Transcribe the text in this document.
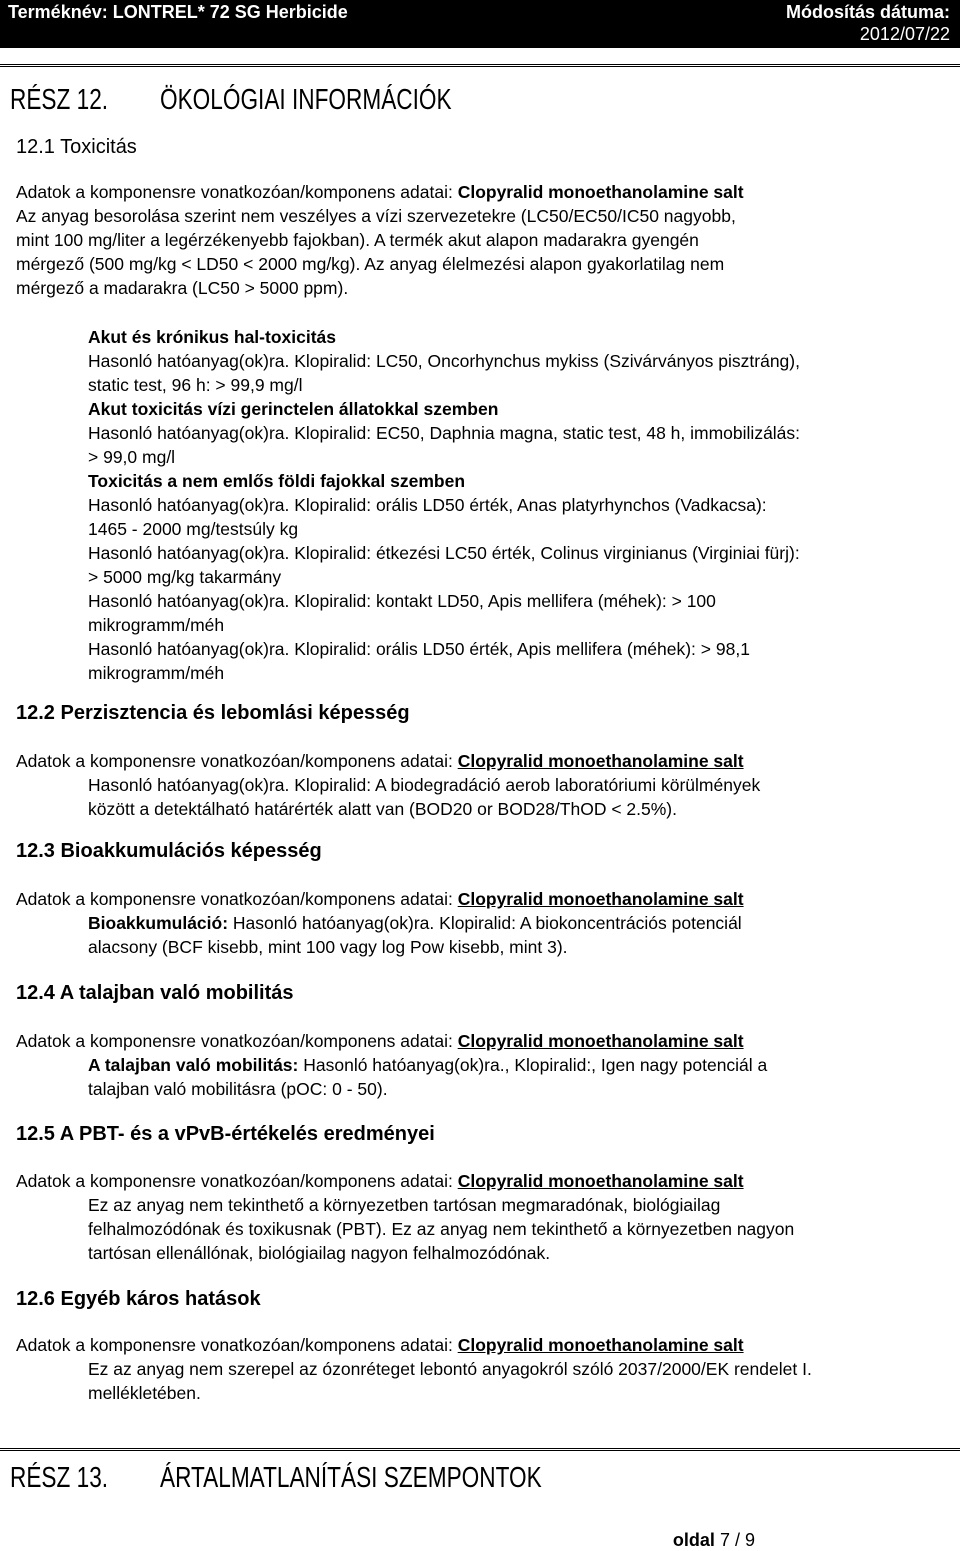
Terméknév: LONTREL* 72 SG Herbicide	Módosítás dátuma:
2012/07/22
RÉSZ 12. ÖKOLÓGIAI INFORMÁCIÓK
12.1 Toxicitás
Adatok a komponensre vonatkozóan/komponens adatai: Clopyralid monoethanolamine salt
Az anyag besorolása szerint nem veszélyes a vízi szervezetekre (LC50/EC50/IC50 nagyobb,
mint 100 mg/liter a legérzékenyebb fajokban). A termék akut alapon madarakra gyengén
mérgező (500 mg/kg < LD50 < 2000 mg/kg). Az anyag élelmezési alapon gyakorlatilag nem
mérgező a madarakra (LC50 > 5000 ppm).
Akut és krónikus hal-toxicitás
Hasonló hatóanyag(ok)ra. Klopiralid: LC50, Oncorhynchus mykiss (Szivárványos pisztráng),
static test, 96 h: > 99,9 mg/l
Akut toxicitás vízi gerinctelen állatokkal szemben
Hasonló hatóanyag(ok)ra. Klopiralid: EC50, Daphnia magna, static test, 48 h, immobilizálás:
> 99,0 mg/l
Toxicitás a nem emlős földi fajokkal szemben
Hasonló hatóanyag(ok)ra. Klopiralid: orális LD50 érték, Anas platyrhynchos (Vadkacsa):
1465 - 2000 mg/testsúly kg
Hasonló hatóanyag(ok)ra. Klopiralid: étkezési LC50 érték, Colinus virginianus (Virginiai fürj):
> 5000 mg/kg takarmány
Hasonló hatóanyag(ok)ra. Klopiralid: kontakt LD50, Apis mellifera (méhek): > 100
mikrogramm/méh
Hasonló hatóanyag(ok)ra. Klopiralid: orális LD50 érték, Apis mellifera (méhek): > 98,1
mikrogramm/méh
12.2 Perzisztencia és lebomlási képesség
Adatok a komponensre vonatkozóan/komponens adatai: Clopyralid monoethanolamine salt
Hasonló hatóanyag(ok)ra. Klopiralid: A biodegradáció aerob laboratóriumi körülmények
között a detektálható határérték alatt van (BOD20 or BOD28/ThOD < 2.5%).
12.3 Bioakkumulációs képesség
Adatok a komponensre vonatkozóan/komponens adatai: Clopyralid monoethanolamine salt
Bioakkumuláció: Hasonló hatóanyag(ok)ra. Klopiralid: A biokoncentrációs potenciál
alacsony (BCF kisebb, mint 100 vagy log Pow kisebb, mint 3).
12.4 A talajban való mobilitás
Adatok a komponensre vonatkozóan/komponens adatai: Clopyralid monoethanolamine salt
A talajban való mobilitás: Hasonló hatóanyag(ok)ra., Klopiralid:, Igen nagy potenciál a
talajban való mobilitásra (pOC: 0 - 50).
12.5 A PBT- és a vPvB-értékelés eredményei
Adatok a komponensre vonatkozóan/komponens adatai: Clopyralid monoethanolamine salt
Ez az anyag nem tekinthető a környezetben tartósan megmaradónak, biológiailag
felhalmozódónak és toxikusnak (PBT). Ez az anyag nem tekinthető a környezetben nagyon
tartósan ellenállónak, biológiailag nagyon felhalmozódónak.
12.6 Egyéb káros hatások
Adatok a komponensre vonatkozóan/komponens adatai: Clopyralid monoethanolamine salt
Ez az anyag nem szerepel az ózonréteget lebontó anyagokról szóló 2037/2000/EK rendelet I.
mellékletében.
RÉSZ 13. ÁRTALMATLANÍTÁSI SZEMPONTOK
oldal 7 / 9
